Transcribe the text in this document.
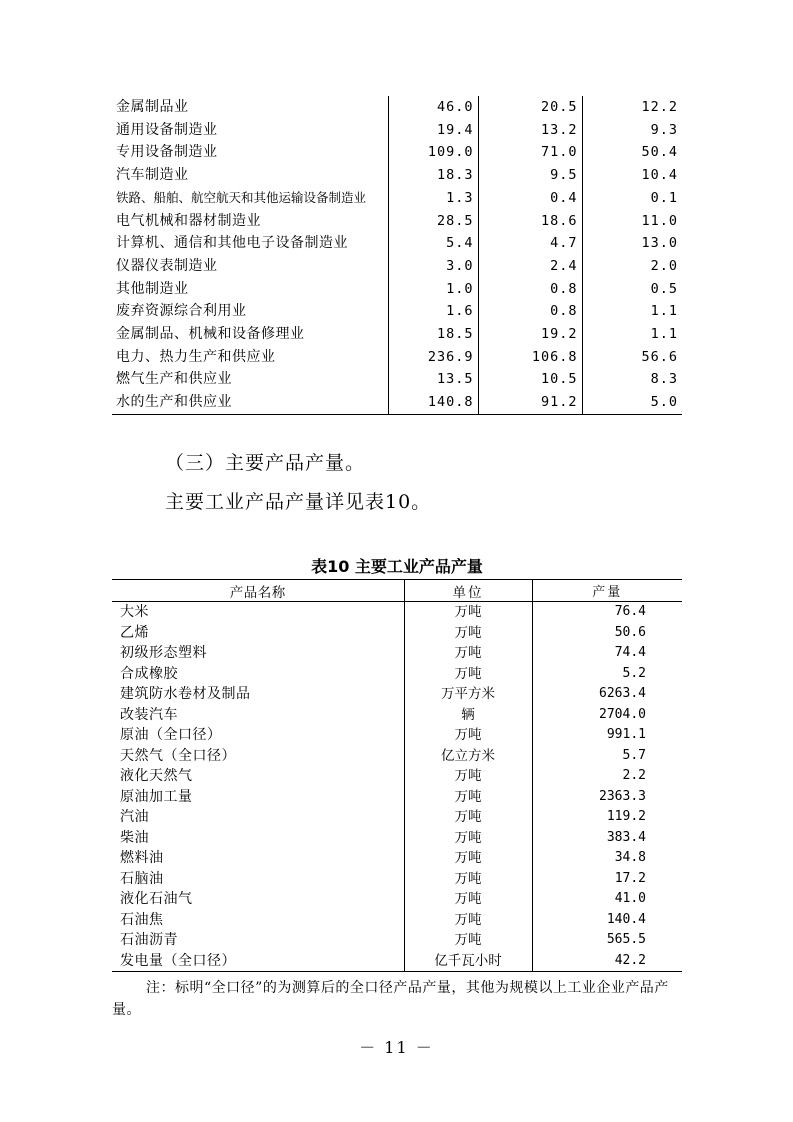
金属制品业	46.0	20.5	12.2
通用设备制造业	19.4	13.2	9.3
专用设备制造业	109.0	71.0	50.4
汽车制造业	18.3	9.5	10.4
铁路、船舶、航空航天和其他运输设备制造业	1.3	0.4	0.1
电气机械和器材制造业	28.5	18.6	11.0
计算机、通信和其他电子设备制造业	5.4	4.7	13.0
仪器仪表制造业	3.0	2.4	2.0
其他制造业	1.0	0.8	0.5
废弃资源综合利用业	1.6	0.8	1.1
金属制品、机械和设备修理业	18.5	19.2	1.1
电力、热力生产和供应业	236.9	106.8	56.6
燃气生产和供应业	13.5	10.5	8.3
水的生产和供应业	140.8	91.2	5.0

（三）主要产品产量。

主要工业产品产量详见表10。

表10 主要工业产品产量

产品名称	单位	产量
大米	万吨	76.4
乙烯	万吨	50.6
初级形态塑料	万吨	74.4
合成橡胶	万吨	5.2
建筑防水卷材及制品	万平方米	6263.4
改装汽车	辆	2704.0
原油（全口径）	万吨	991.1
天然气（全口径）	亿立方米	5.7
液化天然气	万吨	2.2
原油加工量	万吨	2363.3
汽油	万吨	119.2
柴油	万吨	383.4
燃料油	万吨	34.8
石脑油	万吨	17.2
液化石油气	万吨	41.0
石油焦	万吨	140.4
石油沥青	万吨	565.5
发电量（全口径）	亿千瓦小时	42.2

注：标明“全口径”的为测算后的全口径产品产量，其他为规模以上工业企业产品产量。

－ 11 －
